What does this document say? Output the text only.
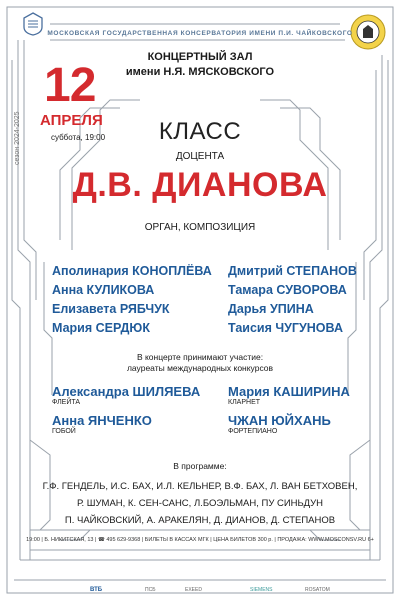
МОСКОВСКАЯ ГОСУДАРСТВЕННАЯ КОНСЕРВАТОРИЯ ИМЕНИ П.И. ЧАЙКОВСКОГО
КОНЦЕРТНЫЙ ЗАЛ
имени Н.Я. МЯСКОВСКОГО
12
АПРЕЛЯ
суббота, 19:00
сезон 2024-2025	КЛАСС
ДОЦЕНТА
Д.В. ДИАНОВА
ОРГАН, КОМПОЗИЦИЯ
Аполинария КОНОПЛЁВА
Анна КУЛИКОВА
Елизавета РЯБЧУК
Мария СЕРДЮК
Дмитрий СТЕПАНОВ
Тамара СУВОРОВА
Дарья УПИНА
Таисия ЧУГУНОВА
В концерте принимают участие:
лауреаты международных конкурсов
Александра ШИЛЯЕВА
ФЛЕЙТА
Мария КАШИРИНА
КЛАРНЕТ
Анна ЯНЧЕНКО
ГОБОЙ
ЧЖАН ЮЙХАНЬ
ФОРТЕПИАНО
В программе:
Г.Ф. ГЕНДЕЛЬ, И.С. БАХ, И.Л. КЕЛЬНЕР, В.Ф. БАХ, Л. ВАН БЕТХОВЕН,
Р. ШУМАН, К. СЕН-САНС, Л.БОЭЛЬМАН, ПУ СИНЬДУН
П. ЧАЙКОВСКИЙ, А. АРАКЕЛЯН, Д. ДИАНОВ, Д. СТЕПАНОВ
19:00 | Б. НИКИТСКАЯ, 13 | ☎ 495 629-9368 | БИЛЕТЫ В КАССАХ МГК | ЦЕНА БИЛЕТОВ 300 р. | ПРОДАЖА: WWW.MOSCONSV.RU 6+
ВТБ	ПСБ	EXEED	SIEMENS	ROSATOM
